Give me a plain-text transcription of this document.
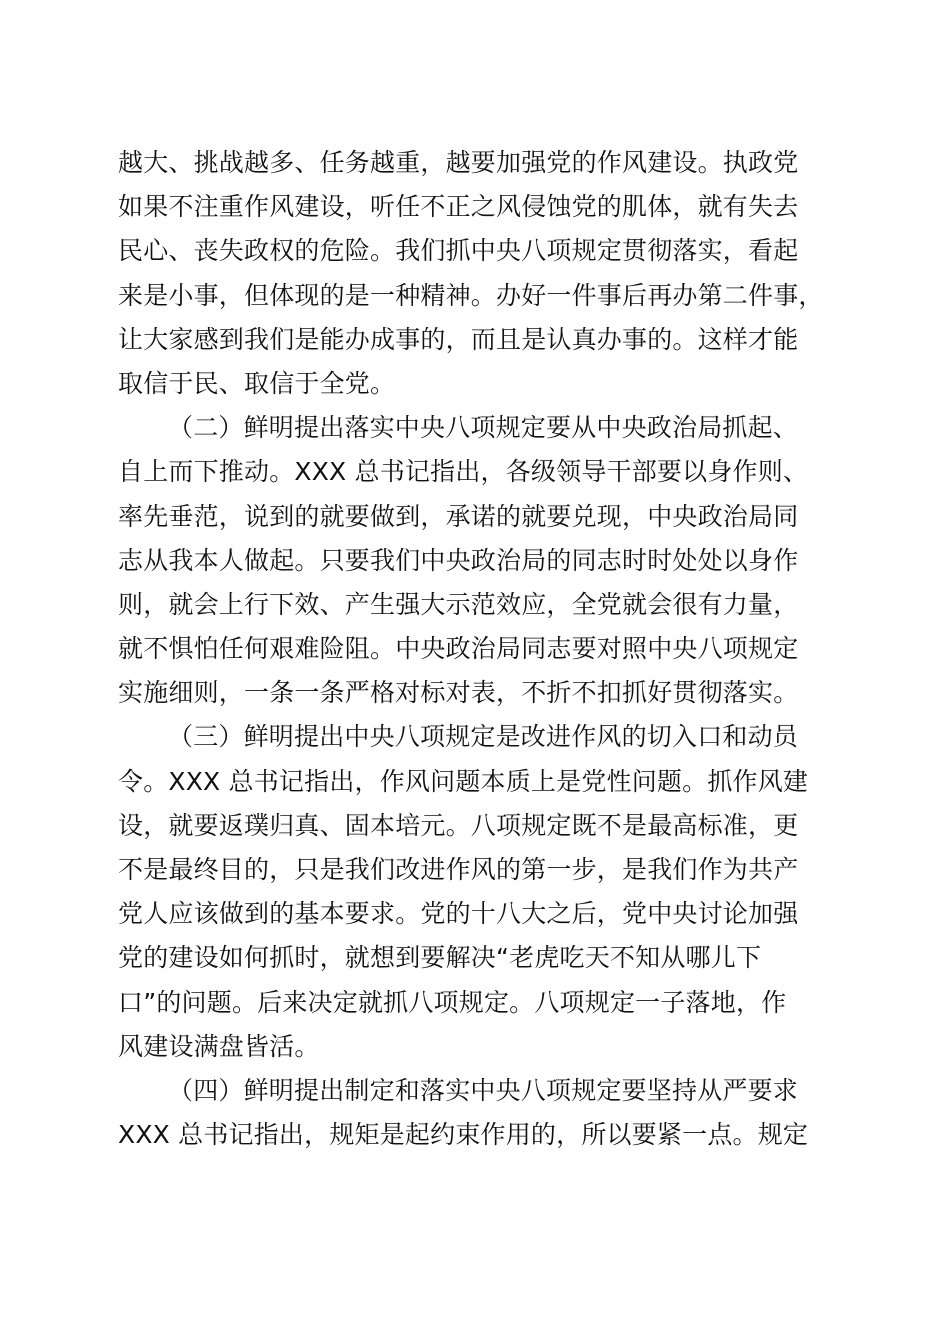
越大、挑战越多、任务越重，越要加强党的作风建设。执政党
如果不注重作风建设，听任不正之风侵蚀党的肌体，就有失去
民心、丧失政权的危险。我们抓中央八项规定贯彻落实，看起
来是小事，但体现的是一种精神。办好一件事后再办第二件事，
让大家感到我们是能办成事的，而且是认真办事的。这样才能
取信于民、取信于全党。
（二）鲜明提出落实中央八项规定要从中央政治局抓起、
自上而下推动。XXX 总书记指出，各级领导干部要以身作则、
率先垂范，说到的就要做到，承诺的就要兑现，中央政治局同
志从我本人做起。只要我们中央政治局的同志时时处处以身作
则，就会上行下效、产生强大示范效应，全党就会很有力量，
就不惧怕任何艰难险阻。中央政治局同志要对照中央八项规定
实施细则，一条一条严格对标对表，不折不扣抓好贯彻落实。
（三）鲜明提出中央八项规定是改进作风的切入口和动员
令。XXX 总书记指出，作风问题本质上是党性问题。抓作风建
设，就要返璞归真、固本培元。八项规定既不是最高标准，更
不是最终目的，只是我们改进作风的第一步，是我们作为共产
党人应该做到的基本要求。党的十八大之后，党中央讨论加强
党的建设如何抓时，就想到要解决“老虎吃天不知从哪儿下
口”的问题。后来决定就抓八项规定。八项规定一子落地，作
风建设满盘皆活。
（四）鲜明提出制定和落实中央八项规定要坚持从严要求
XXX 总书记指出，规矩是起约束作用的，所以要紧一点。规定
